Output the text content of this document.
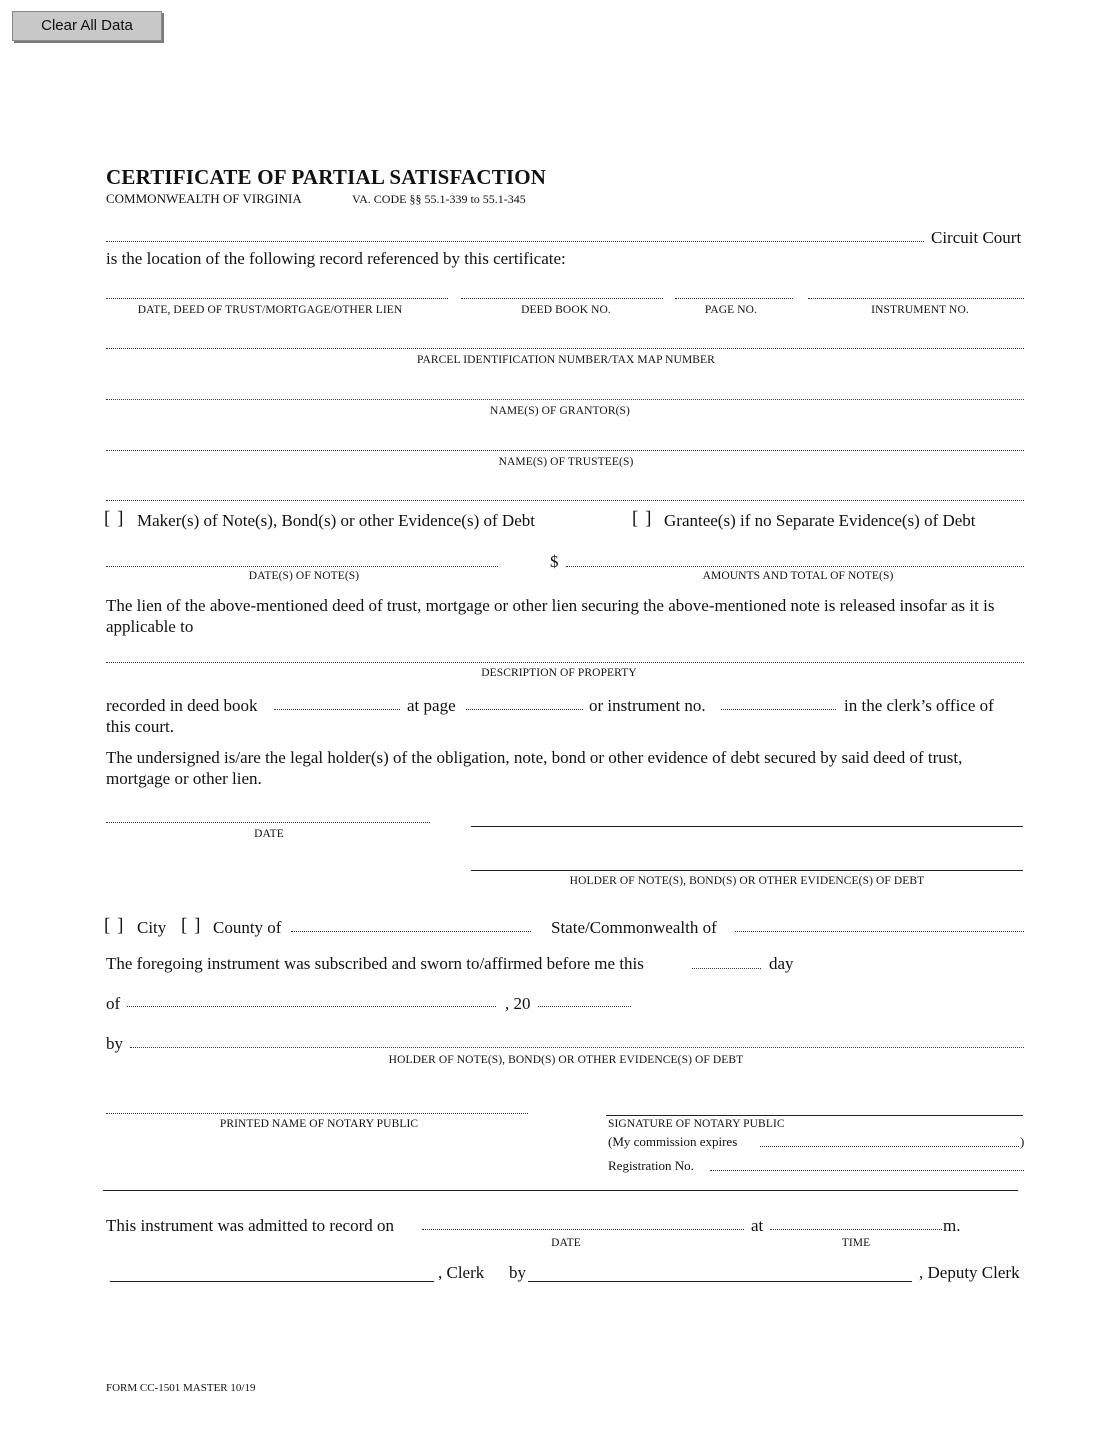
Clear All Data
CERTIFICATE OF PARTIAL SATISFACTION
COMMONWEALTH OF VIRGINIA	VA. CODE §§ 55.1-339 to 55.1-345
Circuit Court
is the location of the following record referenced by this certificate:
DATE, DEED OF TRUST/MORTGAGE/OTHER LIEN	DEED BOOK NO.	PAGE NO.	INSTRUMENT NO.
PARCEL IDENTIFICATION NUMBER/TAX MAP NUMBER
NAME(S) OF GRANTOR(S)
NAME(S) OF TRUSTEE(S)
[ ] Maker(s) of Note(s), Bond(s) or other Evidence(s) of Debt	[ ] Grantee(s) if no Separate Evidence(s) of Debt
$
DATE(S) OF NOTE(S)	AMOUNTS AND TOTAL OF NOTE(S)
The lien of the above-mentioned deed of trust, mortgage or other lien securing the above-mentioned note is released insofar as it is applicable to
DESCRIPTION OF PROPERTY
recorded in deed book	at page	or instrument no.	in the clerk’s office of
this court.
The undersigned is/are the legal holder(s) of the obligation, note, bond or other evidence of debt secured by said deed of trust, mortgage or other lien.
DATE
HOLDER OF NOTE(S), BOND(S) OR OTHER EVIDENCE(S) OF DEBT
[ ] City [ ] County of	State/Commonwealth of
The foregoing instrument was subscribed and sworn to/affirmed before me this	day
of	, 20
by
HOLDER OF NOTE(S), BOND(S) OR OTHER EVIDENCE(S) OF DEBT
PRINTED NAME OF NOTARY PUBLIC	SIGNATURE OF NOTARY PUBLIC
(My commission expires	)
Registration No.
This instrument was admitted to record on	at	m.
DATE	TIME
, Clerk by	, Deputy Clerk
FORM CC-1501 MASTER 10/19
